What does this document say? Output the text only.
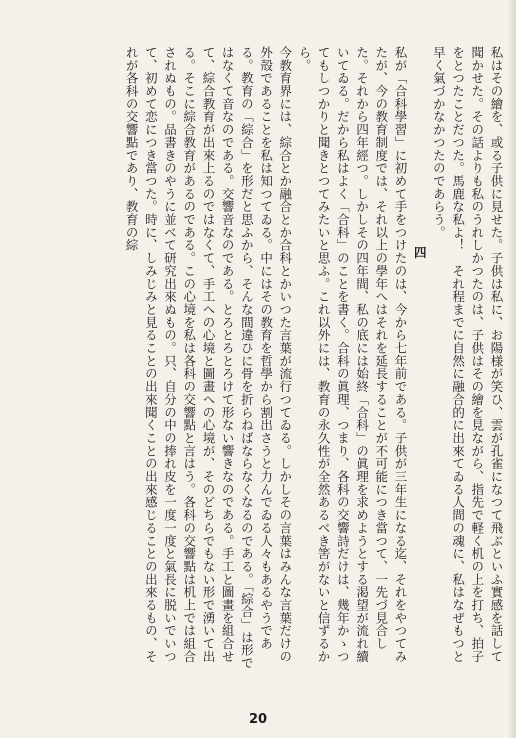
私はその繪を、或る子供に見せた。子供は私に、お陽様が笑ひ、雲が孔雀になつて飛ぶといふ實感を話して聞かせた。その話よりも私のうれしかつたのは、子供はその繪を見ながら、指先で軽く机の上を打ち、拍子をとつたことだつた。馬鹿な私よ！　それ程までに自然に融合的に出來てゐる人間の魂に、私はなぜもつと早く氣づかなかつたのであらう。

四

私が「合科學習」に初めて手をつけたのは、今から七年前である。子供が三年生になる迄、それをやつてみたが、今の教育制度では、それ以上の學年へはそれを延長することが不可能につき當つて、一先づ見合した。それから四年經つ。しかしその四年間、私の底には始終「合科」の眞理を求めようとする渇望が流れ續いてゐる。だから私はよく「合科」のことを書く。合科の眞理、つまり、各科の交響詩だけは、幾年かゝつてもしつかりと聞きとつてみたいと思ふ。これ以外には、教育の永久性が全然あるべき筈がないと信ずるから。

今教育界には、綜合とか融合とか合科とかいつた言葉が流行つてゐる。しかしその言葉はみんな言葉だけの外殻であることを私は知つてゐる。中にはその教育を哲學から割出さうと力んでゐる人々もあるやうである。教育の「綜合」を形だと思ふから、そんな間違ひに骨を折らねばならなくなるのである。「綜合」は形ではなくて音なのである。交響音なのである。とろとろとろけて形ない響きなのである。手工と圖畫を組合せて、綜合教育が出來上るのではなくて、手工への心境と圖畫への心境が、そのどちらでもない形で湧いて出る。そこに綜合教育があるのである。この心境を私は各科の交響點と言はう。各科の交響點は机上では組合されぬもの。品書きのやうに並べて研究出來ぬもの。只、自分の中の捧れ皮を一度一度と氣長に脱いでいつて、初めて恋につき當つた。時に、しみじみと見ることの出來聞くことの出來感じることの出來るもの、それが各科の交響點であり、教育の綜

20
